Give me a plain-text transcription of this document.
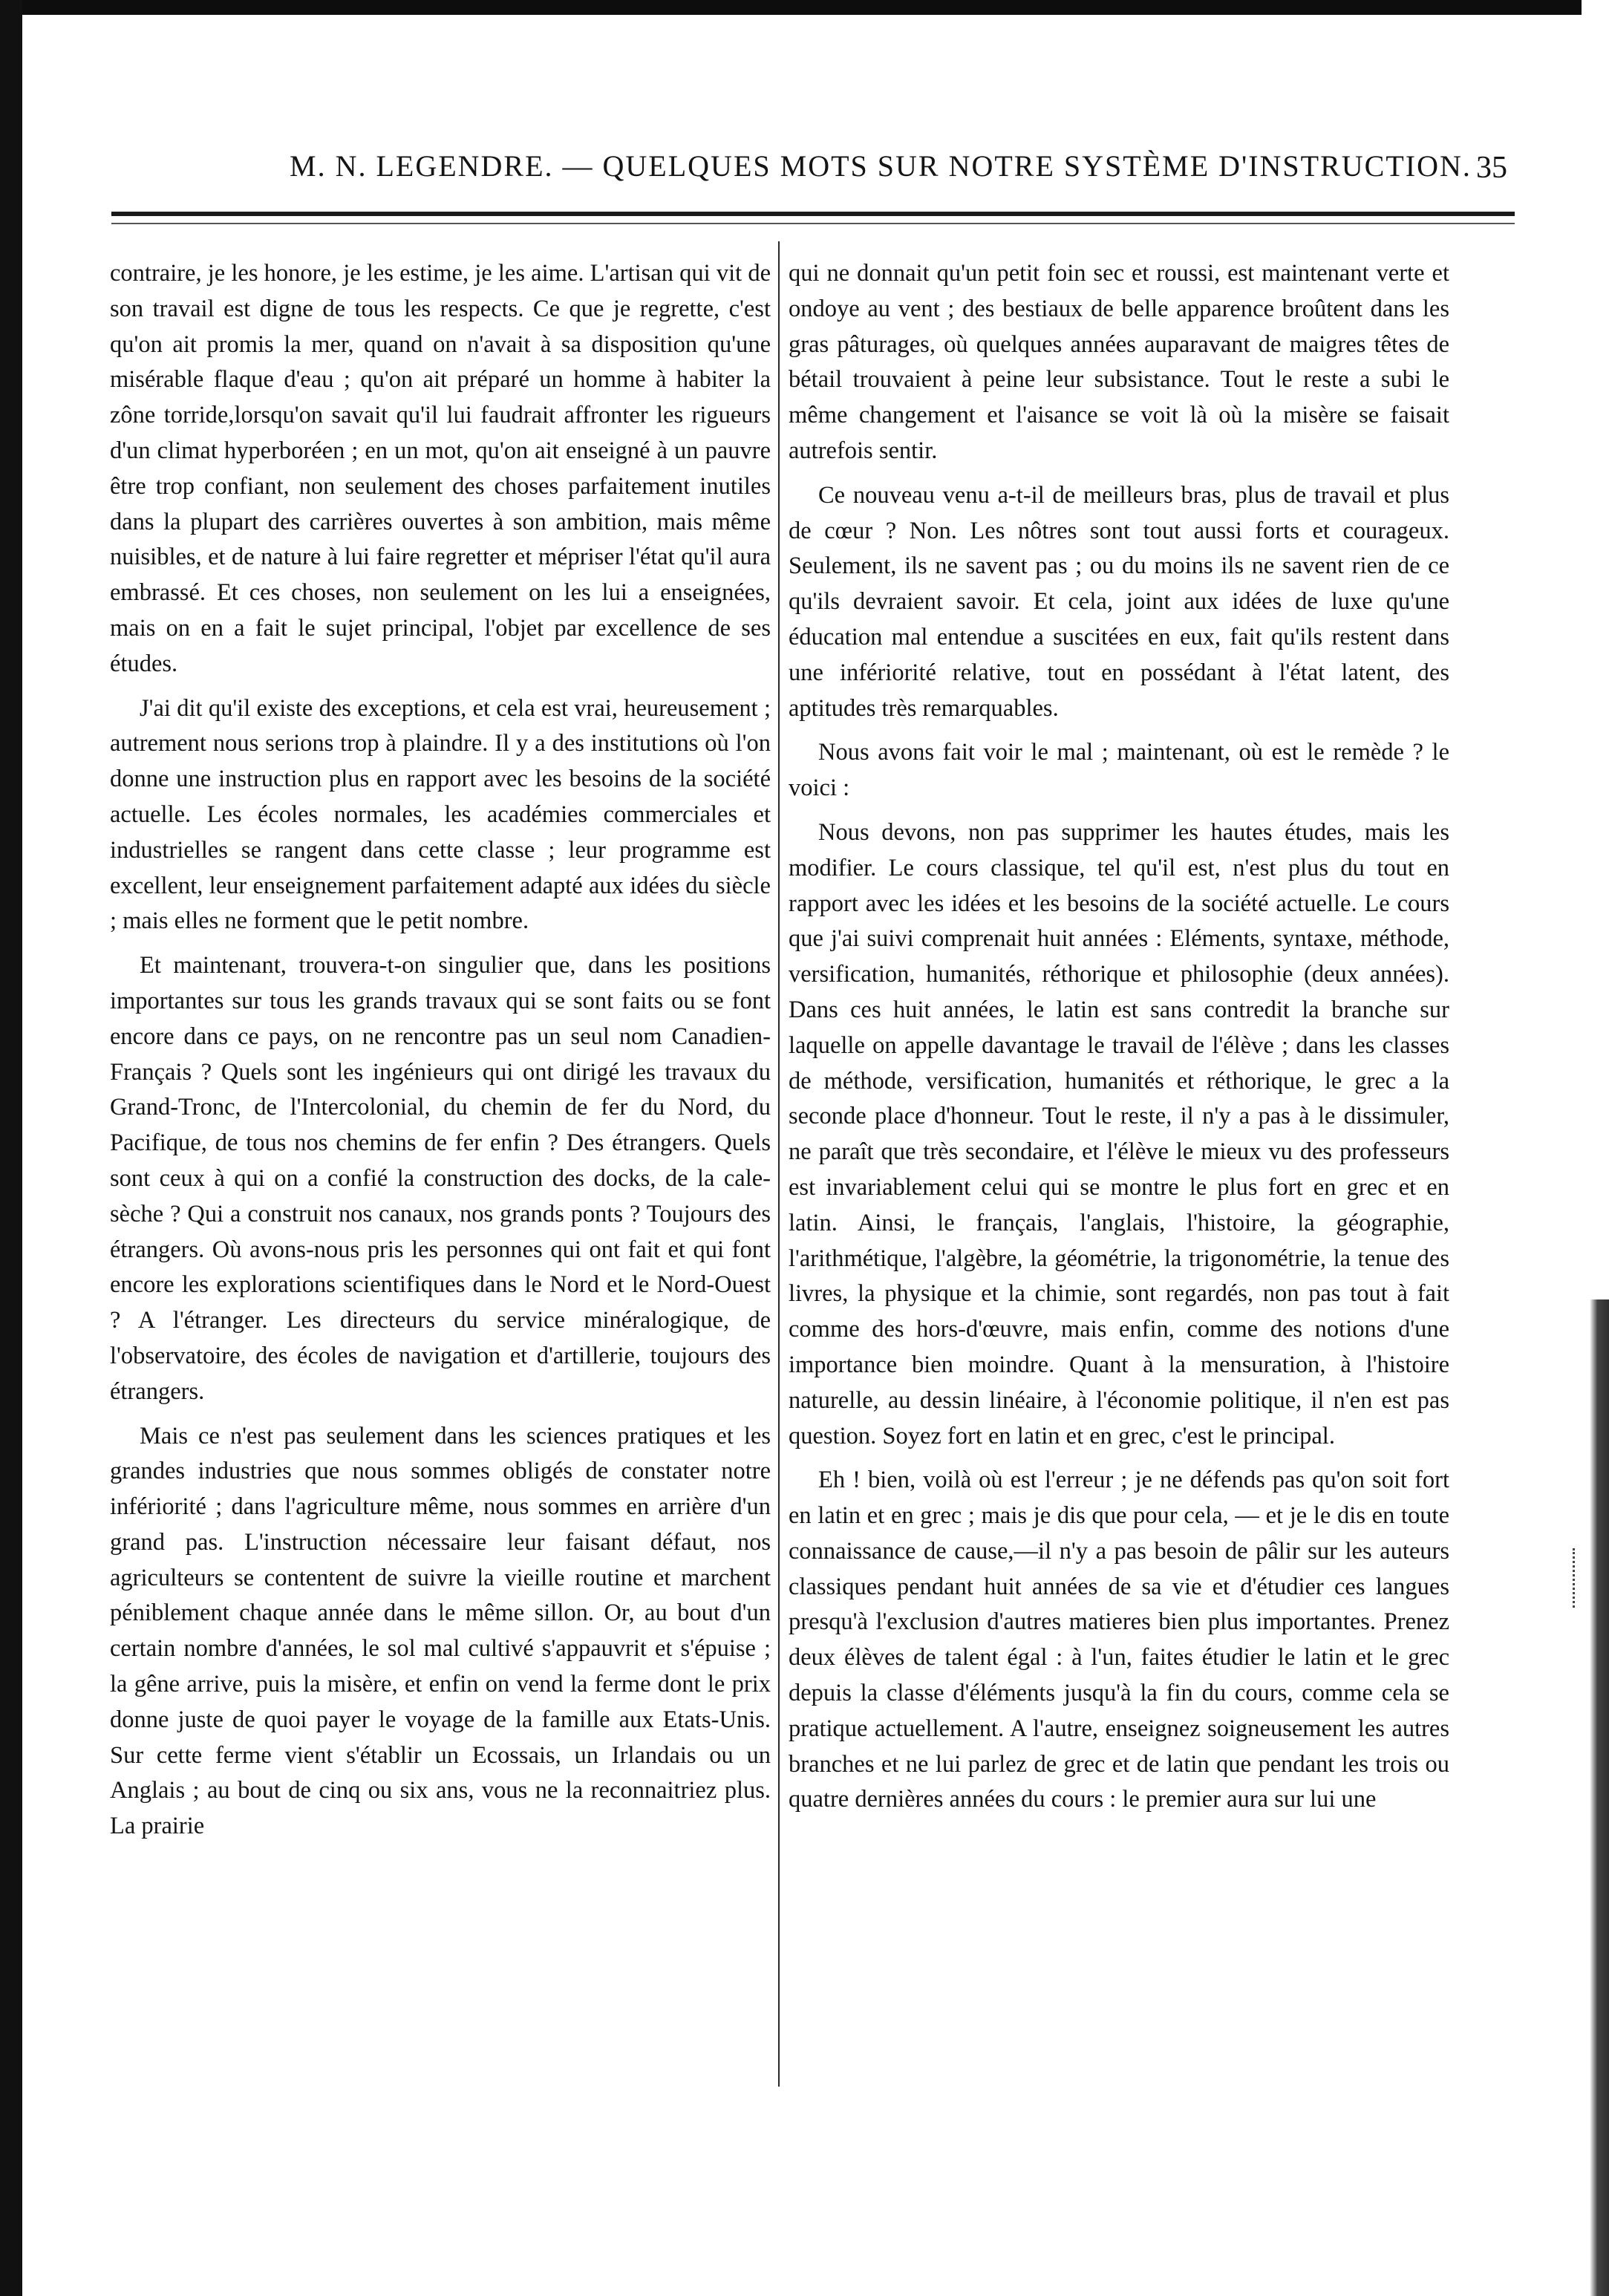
M. N. LEGENDRE. — QUELQUES MOTS SUR NOTRE SYSTÈME D'INSTRUCTION. 35

contraire, je les honore, je les estime, je les aime. L'artisan qui vit de son travail est digne de tous les respects. Ce que je regrette, c'est qu'on ait promis la mer, quand on n'avait à sa disposition qu'une misérable flaque d'eau ; qu'on ait préparé un homme à habiter la zône torride,lorsqu'on savait qu'il lui faudrait affronter les rigueurs d'un climat hyperboréen ; en un mot, qu'on ait enseigné à un pauvre être trop confiant, non seulement des choses parfaitement inutiles dans la plupart des carrières ouvertes à son ambition, mais même nuisibles, et de nature à lui faire regretter et mépriser l'état qu'il aura embrassé. Et ces choses, non seulement on les lui a enseignées, mais on en a fait le sujet principal, l'objet par excellence de ses études.

J'ai dit qu'il existe des exceptions, et cela est vrai, heureusement ; autrement nous serions trop à plaindre. Il y a des institutions où l'on donne une instruction plus en rapport avec les besoins de la société actuelle. Les écoles normales, les académies commerciales et industrielles se rangent dans cette classe ; leur programme est excellent, leur enseignement parfaitement adapté aux idées du siècle ; mais elles ne forment que le petit nombre.

Et maintenant, trouvera-t-on singulier que, dans les positions importantes sur tous les grands travaux qui se sont faits ou se font encore dans ce pays, on ne rencontre pas un seul nom Canadien-Français ? Quels sont les ingénieurs qui ont dirigé les travaux du Grand-Tronc, de l'Intercolonial, du chemin de fer du Nord, du Pacifique, de tous nos chemins de fer enfin ? Des étrangers. Quels sont ceux à qui on a confié la construction des docks, de la cale-sèche ? Qui a construit nos canaux, nos grands ponts ? Toujours des étrangers. Où avons-nous pris les personnes qui ont fait et qui font encore les explorations scientifiques dans le Nord et le Nord-Ouest ? A l'étranger. Les directeurs du service minéralogique, de l'observatoire, des écoles de navigation et d'artillerie, toujours des étrangers.

Mais ce n'est pas seulement dans les sciences pratiques et les grandes industries que nous sommes obligés de constater notre infériorité ; dans l'agriculture même, nous sommes en arrière d'un grand pas. L'instruction nécessaire leur faisant défaut, nos agriculteurs se contentent de suivre la vieille routine et marchent péniblement chaque année dans le même sillon. Or, au bout d'un certain nombre d'années, le sol mal cultivé s'appauvrit et s'épuise ; la gêne arrive, puis la misère, et enfin on vend la ferme dont le prix donne juste de quoi payer le voyage de la famille aux Etats-Unis. Sur cette ferme vient s'établir un Ecossais, un Irlandais ou un Anglais ; au bout de cinq ou six ans, vous ne la reconnaitriez plus. La prairie

qui ne donnait qu'un petit foin sec et roussi, est maintenant verte et ondoye au vent ; des bestiaux de belle apparence broûtent dans les gras pâturages, où quelques années auparavant de maigres têtes de bétail trouvaient à peine leur subsistance. Tout le reste a subi le même changement et l'aisance se voit là où la misère se faisait autrefois sentir.

Ce nouveau venu a-t-il de meilleurs bras, plus de travail et plus de cœur ? Non. Les nôtres sont tout aussi forts et courageux. Seulement, ils ne savent pas ; ou du moins ils ne savent rien de ce qu'ils devraient savoir. Et cela, joint aux idées de luxe qu'une éducation mal entendue a suscitées en eux, fait qu'ils restent dans une infériorité relative, tout en possédant à l'état latent, des aptitudes très remarquables.

Nous avons fait voir le mal ; maintenant, où est le remède ? le voici :

Nous devons, non pas supprimer les hautes études, mais les modifier. Le cours classique, tel qu'il est, n'est plus du tout en rapport avec les idées et les besoins de la société actuelle. Le cours que j'ai suivi comprenait huit années : Eléments, syntaxe, méthode, versification, humanités, réthorique et philosophie (deux années). Dans ces huit années, le latin est sans contredit la branche sur laquelle on appelle davantage le travail de l'élève ; dans les classes de méthode, versification, humanités et réthorique, le grec a la seconde place d'honneur. Tout le reste, il n'y a pas à le dissimuler, ne paraît que très secondaire, et l'élève le mieux vu des professeurs est invariablement celui qui se montre le plus fort en grec et en latin. Ainsi, le français, l'anglais, l'histoire, la géographie, l'arithmétique, l'algèbre, la géométrie, la trigonométrie, la tenue des livres, la physique et la chimie, sont regardés, non pas tout à fait comme des hors-d'œuvre, mais enfin, comme des notions d'une importance bien moindre. Quant à la mensuration, à l'histoire naturelle, au dessin linéaire, à l'économie politique, il n'en est pas question. Soyez fort en latin et en grec, c'est le principal.

Eh ! bien, voilà où est l'erreur ; je ne défends pas qu'on soit fort en latin et en grec ; mais je dis que pour cela, — et je le dis en toute connaissance de cause,—il n'y a pas besoin de pâlir sur les auteurs classiques pendant huit années de sa vie et d'étudier ces langues presqu'à l'exclusion d'autres matieres bien plus importantes. Prenez deux élèves de talent égal : à l'un, faites étudier le latin et le grec depuis la classe d'éléments jusqu'à la fin du cours, comme cela se pratique actuellement. A l'autre, enseignez soigneusement les autres branches et ne lui parlez de grec et de latin que pendant les trois ou quatre dernières années du cours : le premier aura sur lui une
